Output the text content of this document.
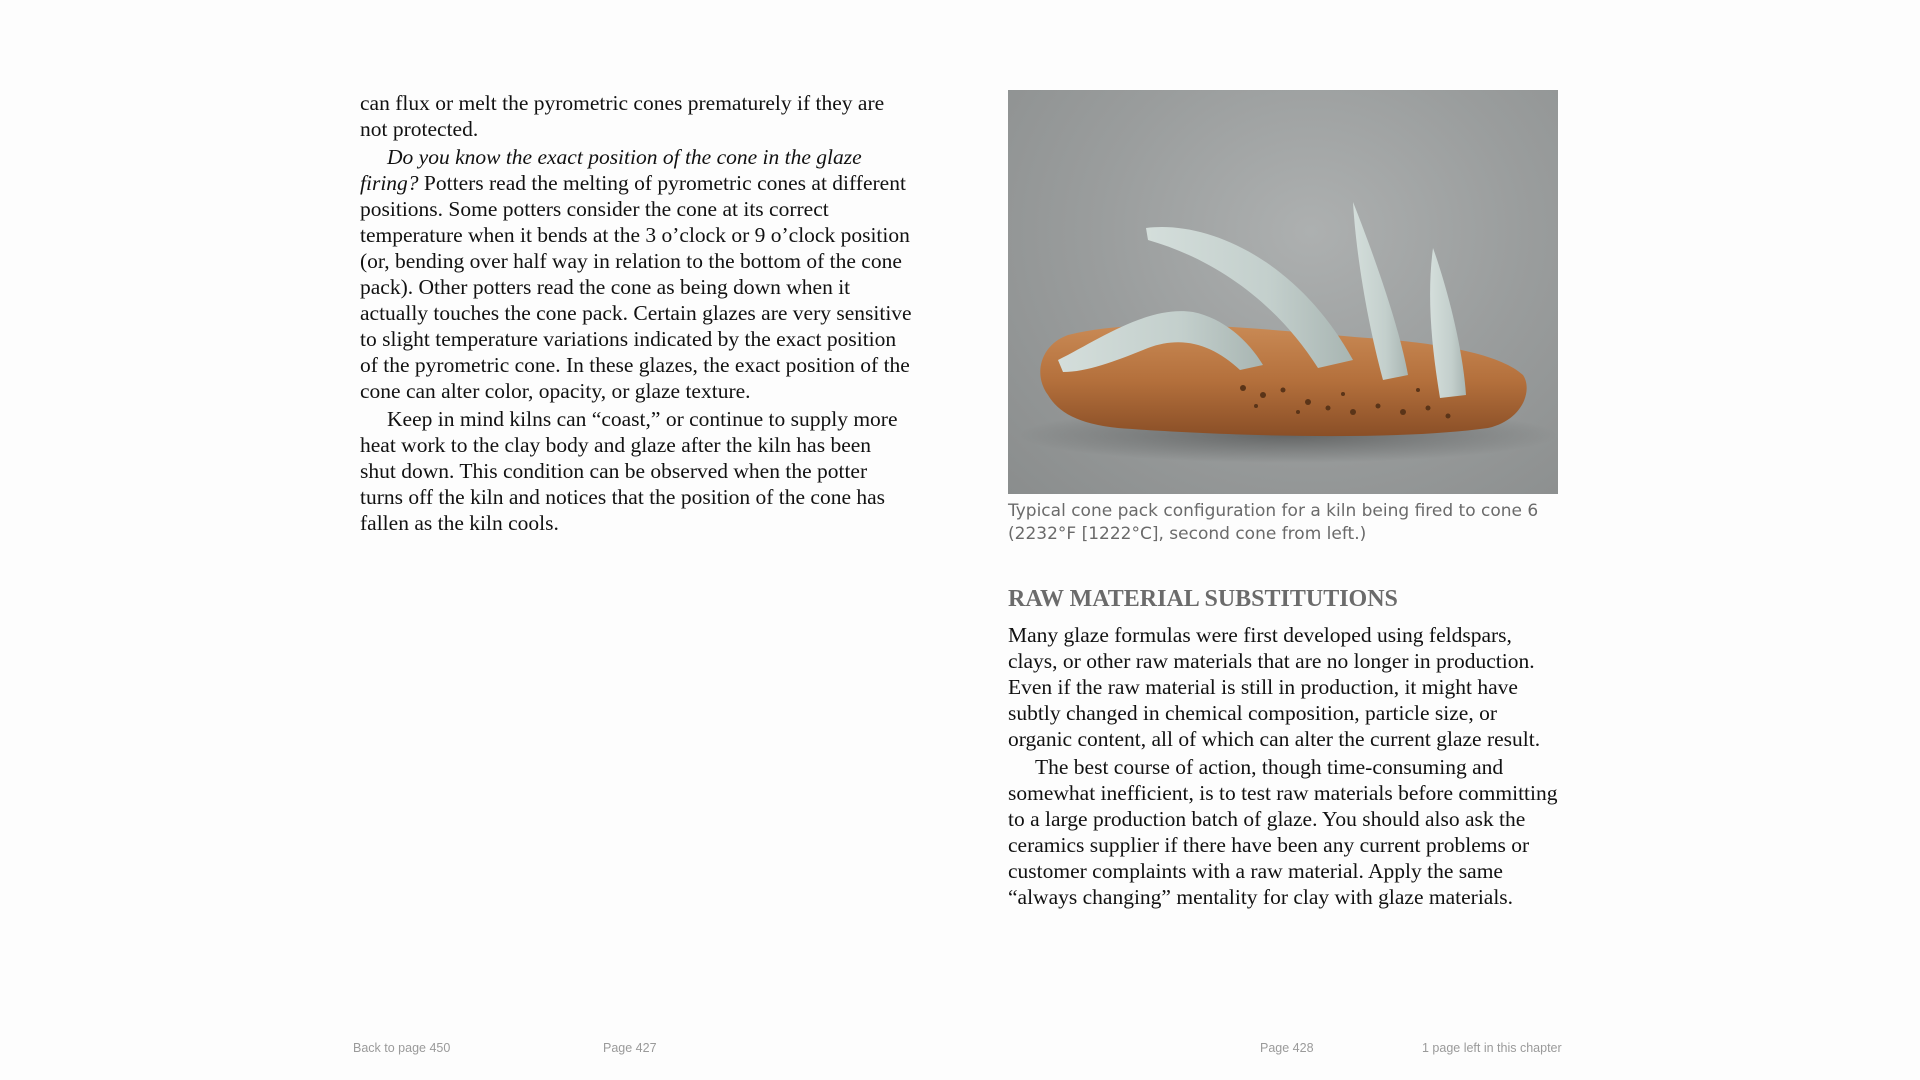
can flux or melt the pyrometric cones prematurely if they are not protected.

Do you know the exact position of the cone in the glaze firing? Potters read the melting of pyrometric cones at different positions. Some potters consider the cone at its correct temperature when it bends at the 3 o’clock or 9 o’clock position (or, bending over half way in relation to the bottom of the cone pack). Other potters read the cone as being down when it actually touches the cone pack. Certain glazes are very sensitive to slight temperature variations indicated by the exact position of the pyrometric cone. In these glazes, the exact position of the cone can alter color, opacity, or glaze texture.

Keep in mind kilns can “coast,” or continue to supply more heat work to the clay body and glaze after the kiln has been shut down. This condition can be observed when the potter turns off the kiln and notices that the position of the cone has fallen as the kiln cools.	Typical cone pack configuration for a kiln being fired to cone 6 (2232°F [1222°C], second cone from left.)

RAW MATERIAL SUBSTITUTIONS

Many glaze formulas were first developed using feldspars, clays, or other raw materials that are no longer in production. Even if the raw material is still in production, it might have subtly changed in chemical composition, particle size, or organic content, all of which can alter the current glaze result.

The best course of action, though time-consuming and somewhat inefficient, is to test raw materials before committing to a large production batch of glaze. You should also ask the ceramics supplier if there have been any current problems or customer complaints with a raw material. Apply the same “always changing” mentality for clay with glaze materials.

Back to page 450	Page 427	Page 428	1 page left in this chapter
